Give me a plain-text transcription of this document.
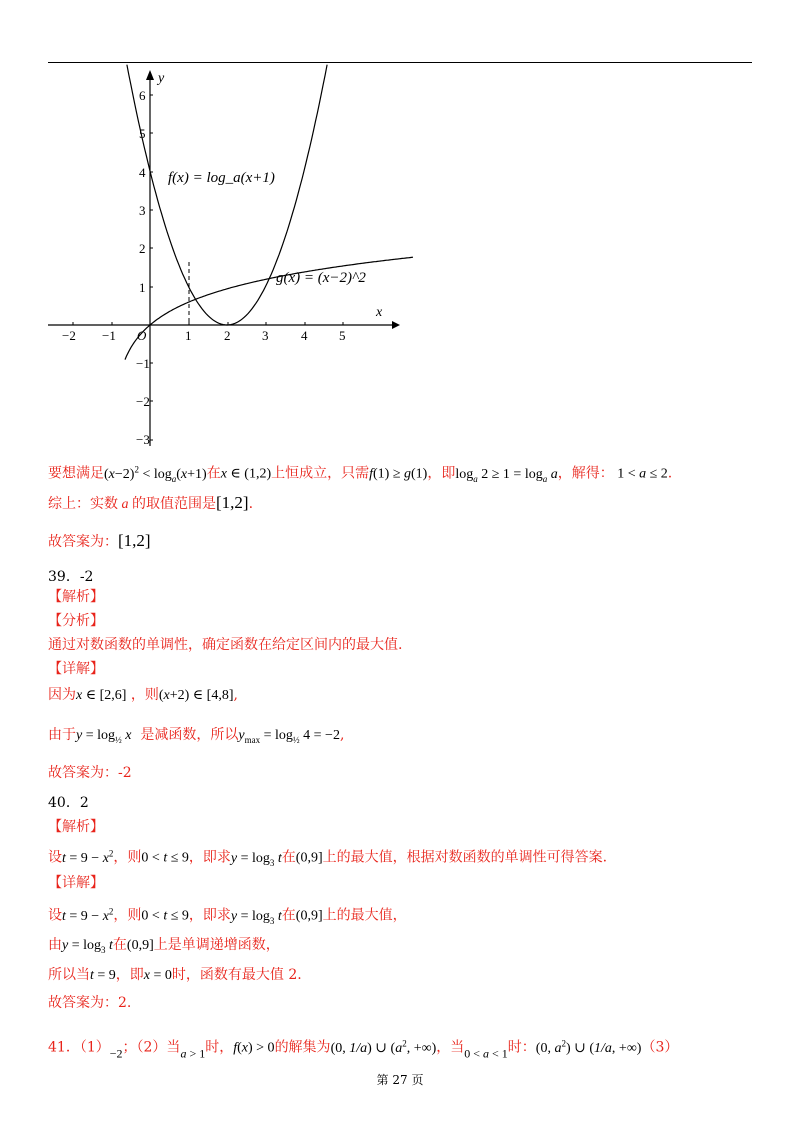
−2 −1	1	2 3	4 5
6
5
4
3
2
1
−1
−2
−3
O
x
y
f(x) = log_a(x+1)
g(x) = (x−2)^2
要想满足$(x-2)^2 < \log_a(x+1)$在x ∈ (1,2)上恒成立，只需f(1) ≥ g(1)，即$\log_a 2 \ge 1 = \log_a a$，解得： 1 < a ≤ 2.
综上：实数 a 的取值范围是[1,2].
故答案为：[1,2]
39．-2
【解析】
【分析】
通过对数函数的单调性，确定函数在给定区间内的最大值.
【详解】
因为x ∈ [2,6] ，则(x+2) ∈ [4,8],
由于$y = \log_{\frac{1}{2}} x$ 是减函数，所以$y_{max} = \log_{\frac{1}{2}} 4 = -2$,
故答案为：-2
40．2
【解析】
设$t = 9 - x^2$，则0 < t ≤ 9，即求$y = \log_3 t$在(0,9]上的最大值，根据对数函数的单调性可得答案.
【详解】
设$t = 9 - x^2$，则0 < t ≤ 9，即求$y = \log_3 t$在(0,9]上的最大值，
由$y = \log_3 t$在(0,9]上是单调递增函数，
所以当t = 9，即x = 0时，函数有最大值 2.
故答案为：2.
41．（1）−2；（2）当a > 1时，f(x) > 0的解集为(0, 1/a) ∪ ($a^2$, +∞)，当0 < a < 1时：(0, $a^2$) ∪ (1/a, +∞)（3）
第 27 页
